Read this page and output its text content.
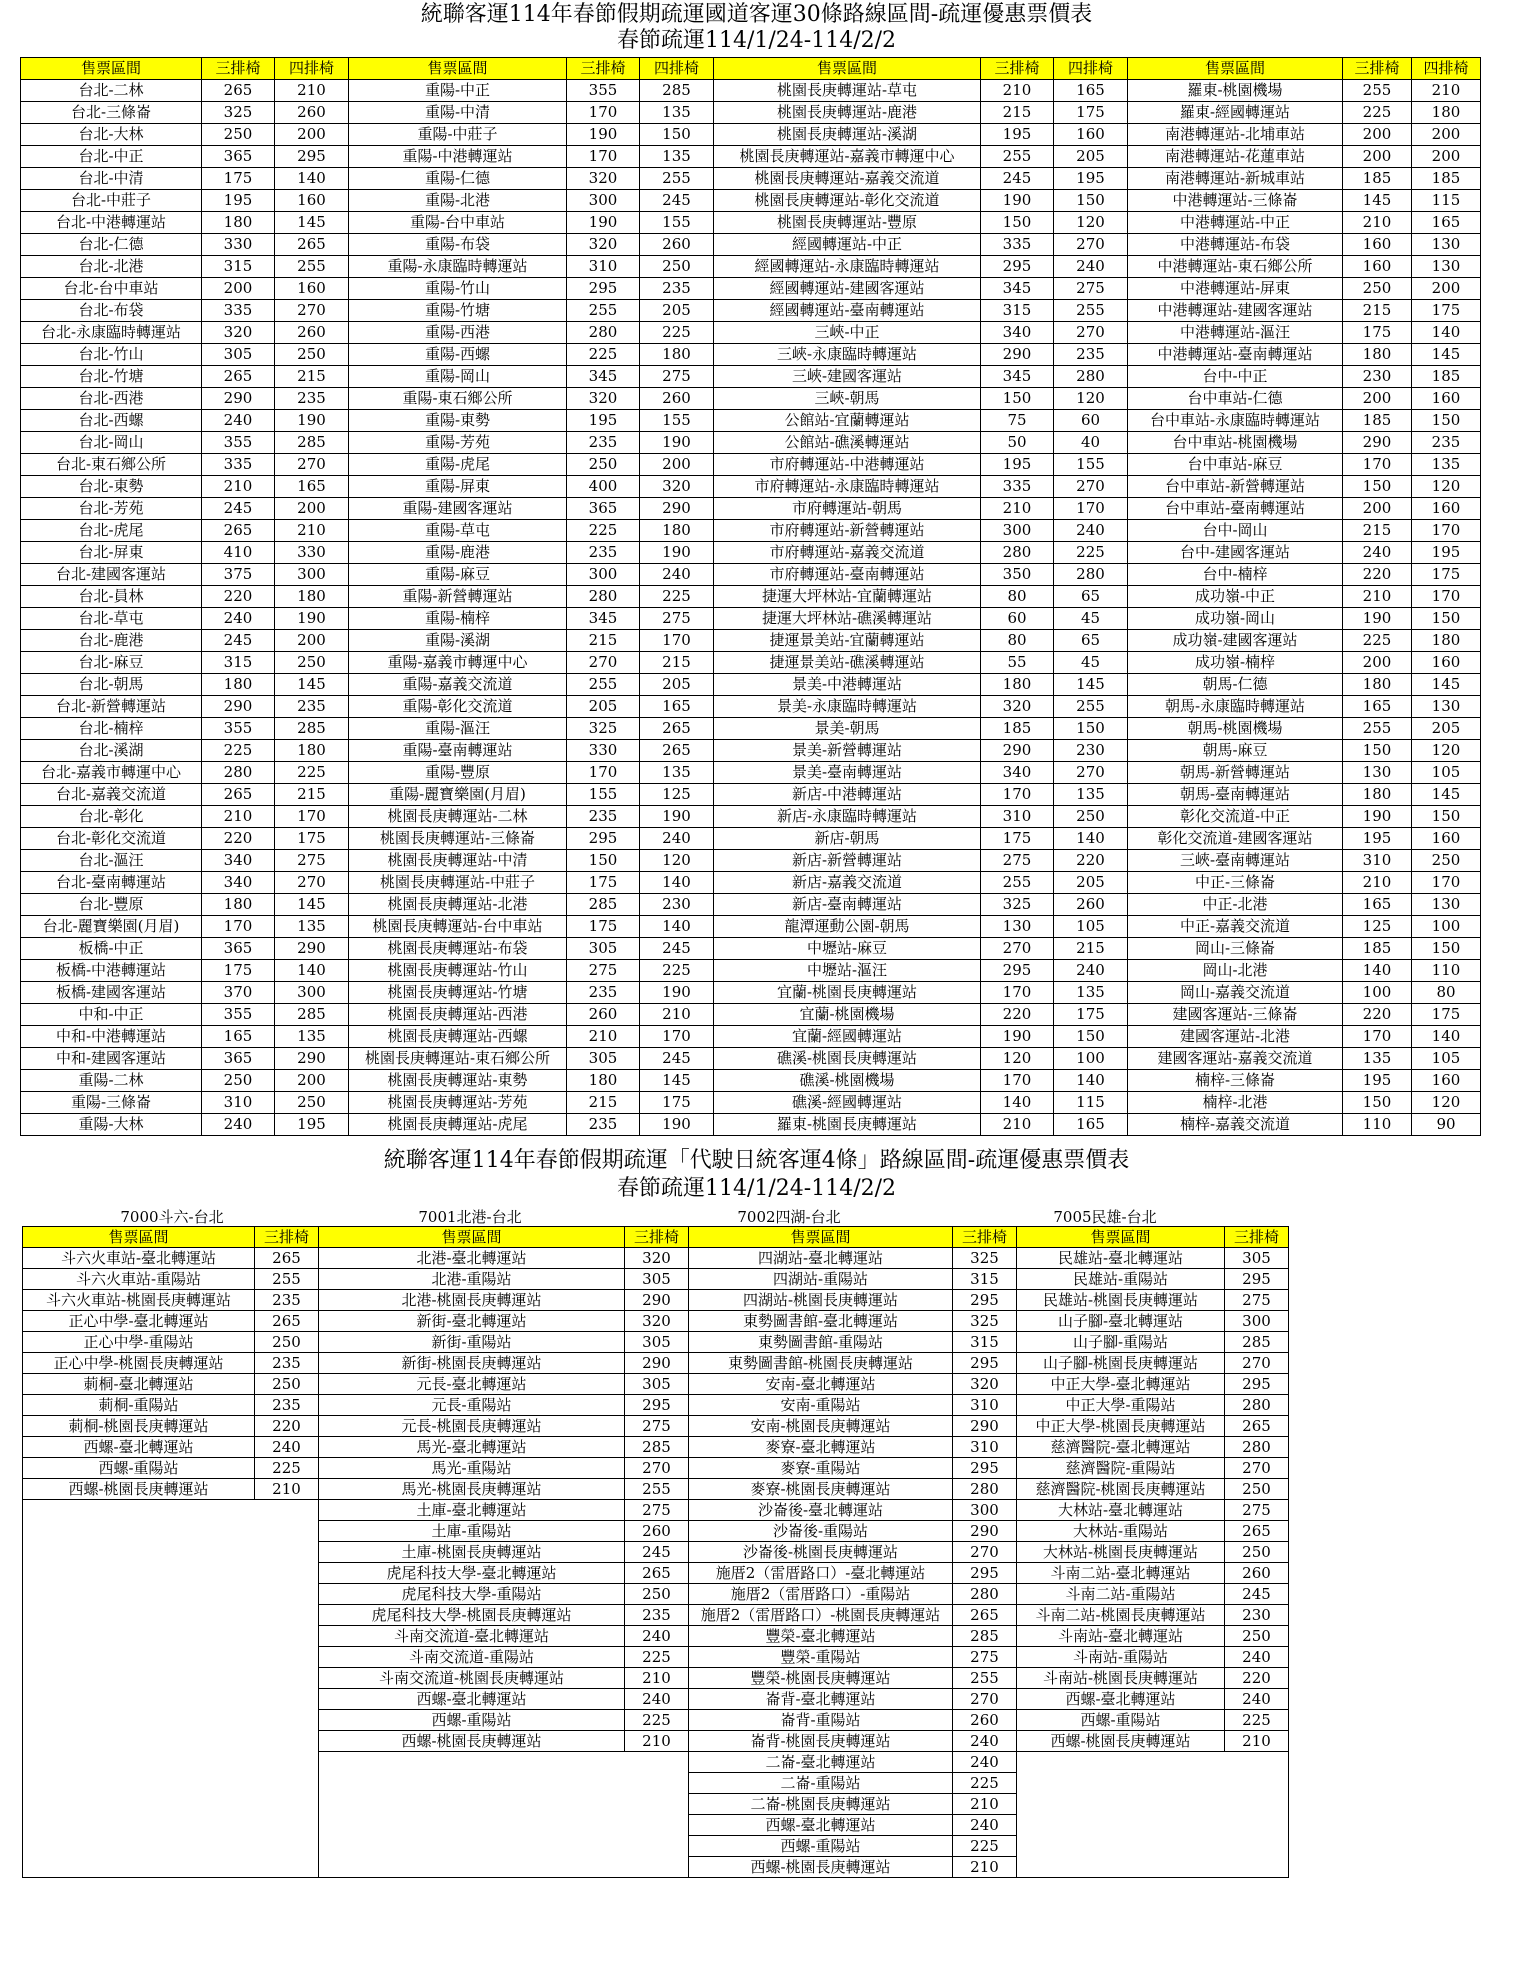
統聯客運114年春節假期疏運國道客運30條路線區間-疏運優惠票價表
春節疏運114/1/24-114/2/2
售票區間	三排椅	四排椅	售票區間	三排椅	四排椅	售票區間	三排椅	四排椅	售票區間	三排椅	四排椅
台北-二林	265	210	重陽-中正	355	285	桃園長庚轉運站-草屯	210	165	羅東-桃園機場	255	210
台北-三條崙	325	260	重陽-中清	170	135	桃園長庚轉運站-鹿港	215	175	羅東-經國轉運站	225	180
台北-大林	250	200	重陽-中莊子	190	150	桃園長庚轉運站-溪湖	195	160	南港轉運站-北埔車站	200	200
台北-中正	365	295	重陽-中港轉運站	170	135	桃園長庚轉運站-嘉義市轉運中心	255	205	南港轉運站-花蓮車站	200	200
台北-中清	175	140	重陽-仁德	320	255	桃園長庚轉運站-嘉義交流道	245	195	南港轉運站-新城車站	185	185
台北-中莊子	195	160	重陽-北港	300	245	桃園長庚轉運站-彰化交流道	190	150	中港轉運站-三條崙	145	115
台北-中港轉運站	180	145	重陽-台中車站	190	155	桃園長庚轉運站-豐原	150	120	中港轉運站-中正	210	165
台北-仁德	330	265	重陽-布袋	320	260	經國轉運站-中正	335	270	中港轉運站-布袋	160	130
台北-北港	315	255	重陽-永康臨時轉運站	310	250	經國轉運站-永康臨時轉運站	295	240	中港轉運站-東石鄉公所	160	130
台北-台中車站	200	160	重陽-竹山	295	235	經國轉運站-建國客運站	345	275	中港轉運站-屏東	250	200
台北-布袋	335	270	重陽-竹塘	255	205	經國轉運站-臺南轉運站	315	255	中港轉運站-建國客運站	215	175
台北-永康臨時轉運站	320	260	重陽-西港	280	225	三峽-中正	340	270	中港轉運站-漚汪	175	140
台北-竹山	305	250	重陽-西螺	225	180	三峽-永康臨時轉運站	290	235	中港轉運站-臺南轉運站	180	145
台北-竹塘	265	215	重陽-岡山	345	275	三峽-建國客運站	345	280	台中-中正	230	185
台北-西港	290	235	重陽-東石鄉公所	320	260	三峽-朝馬	150	120	台中車站-仁德	200	160
台北-西螺	240	190	重陽-東勢	195	155	公館站-宜蘭轉運站	75	60	台中車站-永康臨時轉運站	185	150
台北-岡山	355	285	重陽-芳苑	235	190	公館站-礁溪轉運站	50	40	台中車站-桃園機場	290	235
台北-東石鄉公所	335	270	重陽-虎尾	250	200	市府轉運站-中港轉運站	195	155	台中車站-麻豆	170	135
台北-東勢	210	165	重陽-屏東	400	320	市府轉運站-永康臨時轉運站	335	270	台中車站-新營轉運站	150	120
台北-芳苑	245	200	重陽-建國客運站	365	290	市府轉運站-朝馬	210	170	台中車站-臺南轉運站	200	160
台北-虎尾	265	210	重陽-草屯	225	180	市府轉運站-新營轉運站	300	240	台中-岡山	215	170
台北-屏東	410	330	重陽-鹿港	235	190	市府轉運站-嘉義交流道	280	225	台中-建國客運站	240	195
台北-建國客運站	375	300	重陽-麻豆	300	240	市府轉運站-臺南轉運站	350	280	台中-楠梓	220	175
台北-員林	220	180	重陽-新營轉運站	280	225	捷運大坪林站-宜蘭轉運站	80	65	成功嶺-中正	210	170
台北-草屯	240	190	重陽-楠梓	345	275	捷運大坪林站-礁溪轉運站	60	45	成功嶺-岡山	190	150
台北-鹿港	245	200	重陽-溪湖	215	170	捷運景美站-宜蘭轉運站	80	65	成功嶺-建國客運站	225	180
台北-麻豆	315	250	重陽-嘉義市轉運中心	270	215	捷運景美站-礁溪轉運站	55	45	成功嶺-楠梓	200	160
台北-朝馬	180	145	重陽-嘉義交流道	255	205	景美-中港轉運站	180	145	朝馬-仁德	180	145
台北-新營轉運站	290	235	重陽-彰化交流道	205	165	景美-永康臨時轉運站	320	255	朝馬-永康臨時轉運站	165	130
台北-楠梓	355	285	重陽-漚汪	325	265	景美-朝馬	185	150	朝馬-桃園機場	255	205
台北-溪湖	225	180	重陽-臺南轉運站	330	265	景美-新營轉運站	290	230	朝馬-麻豆	150	120
台北-嘉義市轉運中心	280	225	重陽-豐原	170	135	景美-臺南轉運站	340	270	朝馬-新營轉運站	130	105
台北-嘉義交流道	265	215	重陽-麗寶樂園(月眉)	155	125	新店-中港轉運站	170	135	朝馬-臺南轉運站	180	145
台北-彰化	210	170	桃園長庚轉運站-二林	235	190	新店-永康臨時轉運站	310	250	彰化交流道-中正	190	150
台北-彰化交流道	220	175	桃園長庚轉運站-三條崙	295	240	新店-朝馬	175	140	彰化交流道-建國客運站	195	160
台北-漚汪	340	275	桃園長庚轉運站-中清	150	120	新店-新營轉運站	275	220	三峽-臺南轉運站	310	250
台北-臺南轉運站	340	270	桃園長庚轉運站-中莊子	175	140	新店-嘉義交流道	255	205	中正-三條崙	210	170
台北-豐原	180	145	桃園長庚轉運站-北港	285	230	新店-臺南轉運站	325	260	中正-北港	165	130
台北-麗寶樂園(月眉)	170	135	桃園長庚轉運站-台中車站	175	140	龍潭運動公園-朝馬	130	105	中正-嘉義交流道	125	100
板橋-中正	365	290	桃園長庚轉運站-布袋	305	245	中壢站-麻豆	270	215	岡山-三條崙	185	150
板橋-中港轉運站	175	140	桃園長庚轉運站-竹山	275	225	中壢站-漚汪	295	240	岡山-北港	140	110
板橋-建國客運站	370	300	桃園長庚轉運站-竹塘	235	190	宜蘭-桃園長庚轉運站	170	135	岡山-嘉義交流道	100	80
中和-中正	355	285	桃園長庚轉運站-西港	260	210	宜蘭-桃園機場	220	175	建國客運站-三條崙	220	175
中和-中港轉運站	165	135	桃園長庚轉運站-西螺	210	170	宜蘭-經國轉運站	190	150	建國客運站-北港	170	140
中和-建國客運站	365	290	桃園長庚轉運站-東石鄉公所	305	245	礁溪-桃園長庚轉運站	120	100	建國客運站-嘉義交流道	135	105
重陽-二林	250	200	桃園長庚轉運站-東勢	180	145	礁溪-桃園機場	170	140	楠梓-三條崙	195	160
重陽-三條崙	310	250	桃園長庚轉運站-芳苑	215	175	礁溪-經國轉運站	140	115	楠梓-北港	150	120
重陽-大林	240	195	桃園長庚轉運站-虎尾	235	190	羅東-桃園長庚轉運站	210	165	楠梓-嘉義交流道	110	90
統聯客運114年春節假期疏運「代駛日統客運4條」路線區間-疏運優惠票價表
春節疏運114/1/24-114/2/2
7000斗六-台北	7001北港-台北	7002四湖-台北	7005民雄-台北
售票區間	三排椅	售票區間	三排椅	售票區間	三排椅	售票區間	三排椅
斗六火車站-臺北轉運站	265	北港-臺北轉運站	320	四湖站-臺北轉運站	325	民雄站-臺北轉運站	305
斗六火車站-重陽站	255	北港-重陽站	305	四湖站-重陽站	315	民雄站-重陽站	295
斗六火車站-桃園長庚轉運站	235	北港-桃園長庚轉運站	290	四湖站-桃園長庚轉運站	295	民雄站-桃園長庚轉運站	275
正心中學-臺北轉運站	265	新街-臺北轉運站	320	東勢圖書館-臺北轉運站	325	山子腳-臺北轉運站	300
正心中學-重陽站	250	新街-重陽站	305	東勢圖書館-重陽站	315	山子腳-重陽站	285
正心中學-桃園長庚轉運站	235	新街-桃園長庚轉運站	290	東勢圖書館-桃園長庚轉運站	295	山子腳-桃園長庚轉運站	270
莿桐-臺北轉運站	250	元長-臺北轉運站	305	安南-臺北轉運站	320	中正大學-臺北轉運站	295
莿桐-重陽站	235	元長-重陽站	295	安南-重陽站	310	中正大學-重陽站	280
莿桐-桃園長庚轉運站	220	元長-桃園長庚轉運站	275	安南-桃園長庚轉運站	290	中正大學-桃園長庚轉運站	265
西螺-臺北轉運站	240	馬光-臺北轉運站	285	麥寮-臺北轉運站	310	慈濟醫院-臺北轉運站	280
西螺-重陽站	225	馬光-重陽站	270	麥寮-重陽站	295	慈濟醫院-重陽站	270
西螺-桃園長庚轉運站	210	馬光-桃園長庚轉運站	255	麥寮-桃園長庚轉運站	280	慈濟醫院-桃園長庚轉運站	250
		土庫-臺北轉運站	275	沙崙後-臺北轉運站	300	大林站-臺北轉運站	275
		土庫-重陽站	260	沙崙後-重陽站	290	大林站-重陽站	265
		土庫-桃園長庚轉運站	245	沙崙後-桃園長庚轉運站	270	大林站-桃園長庚轉運站	250
		虎尾科技大學-臺北轉運站	265	施厝2（雷厝路口）-臺北轉運站	295	斗南二站-臺北轉運站	260
		虎尾科技大學-重陽站	250	施厝2（雷厝路口）-重陽站	280	斗南二站-重陽站	245
		虎尾科技大學-桃園長庚轉運站	235	施厝2（雷厝路口）-桃園長庚轉運站	265	斗南二站-桃園長庚轉運站	230
		斗南交流道-臺北轉運站	240	豐榮-臺北轉運站	285	斗南站-臺北轉運站	250
		斗南交流道-重陽站	225	豐榮-重陽站	275	斗南站-重陽站	240
		斗南交流道-桃園長庚轉運站	210	豐榮-桃園長庚轉運站	255	斗南站-桃園長庚轉運站	220
		西螺-臺北轉運站	240	崙背-臺北轉運站	270	西螺-臺北轉運站	240
		西螺-重陽站	225	崙背-重陽站	260	西螺-重陽站	225
		西螺-桃園長庚轉運站	210	崙背-桃園長庚轉運站	240	西螺-桃園長庚轉運站	210
				二崙-臺北轉運站	240		
				二崙-重陽站	225		
				二崙-桃園長庚轉運站	210		
				西螺-臺北轉運站	240		
				西螺-重陽站	225		
				西螺-桃園長庚轉運站	210		
